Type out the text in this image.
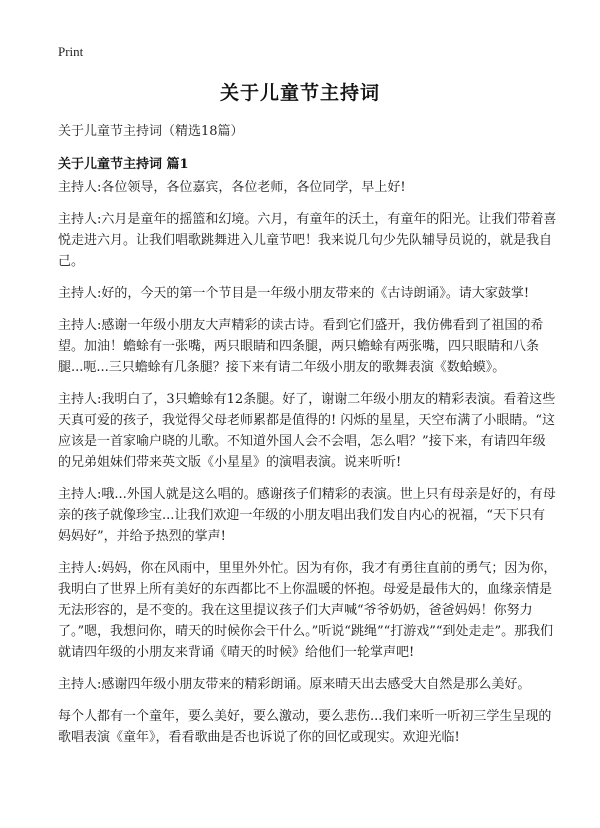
Print
关于儿童节主持词
关于儿童节主持词（精选18篇）
关于儿童节主持词 篇1

主持人:各位领导，各位嘉宾，各位老师，各位同学，早上好!

主持人:六月是童年的摇篮和幻境。六月，有童年的沃土，有童年的阳光。让我们带着喜悦走进六月。让我们唱歌跳舞进入儿童节吧！我来说几句少先队辅导员说的，就是我自己。

主持人:好的，今天的第一个节目是一年级小朋友带来的《古诗朗诵》。请大家鼓掌!

主持人:感谢一年级小朋友大声精彩的读古诗。看到它们盛开，我仿佛看到了祖国的希望。加油！蟾蜍有一张嘴，两只眼睛和四条腿，两只蟾蜍有两张嘴，四只眼睛和八条腿...呃...三只蟾蜍有几条腿？接下来有请二年级小朋友的歌舞表演《数蛤蟆》。

主持人:我明白了，3只蟾蜍有12条腿。好了，谢谢二年级小朋友的精彩表演。看着这些天真可爱的孩子，我觉得父母老师累都是值得的! 闪烁的星星，天空布满了小眼睛。“这应该是一首家喻户晓的儿歌。不知道外国人会不会唱，怎么唱？”接下来，有请四年级的兄弟姐妹们带来英文版《小星星》的演唱表演。说来听听!

主持人:哦...外国人就是这么唱的。感谢孩子们精彩的表演。世上只有母亲是好的，有母亲的孩子就像珍宝...让我们欢迎一年级的小朋友唱出我们发自内心的祝福，“天下只有妈妈好”，并给予热烈的掌声!

主持人:妈妈，你在风雨中，里里外外忙。因为有你，我才有勇往直前的勇气；因为你，我明白了世界上所有美好的东西都比不上你温暖的怀抱。母爱是最伟大的，血缘亲情是无法形容的，是不变的。我在这里提议孩子们大声喊“爷爷奶奶，爸爸妈妈！你努力了。”嗯，我想问你，晴天的时候你会干什么。”听说“跳绳”“打游戏”“到处走走”。那我们就请四年级的小朋友来背诵《晴天的时候》给他们一轮掌声吧!

主持人:感谢四年级小朋友带来的精彩朗诵。原来晴天出去感受大自然是那么美好。

每个人都有一个童年，要么美好，要么激动，要么悲伤...我们来听一听初三学生呈现的歌唱表演《童年》，看看歌曲是否也诉说了你的回忆或现实。欢迎光临!
